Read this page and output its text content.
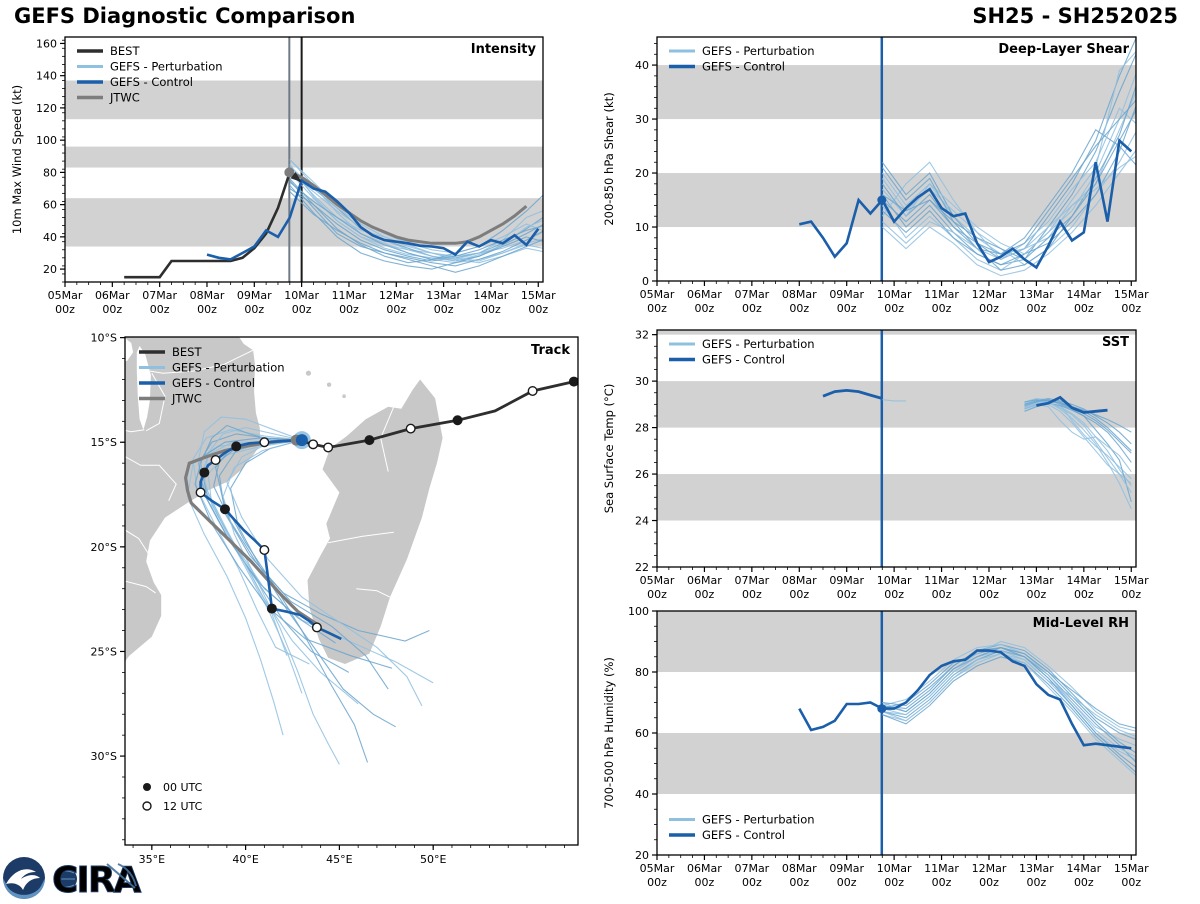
GEFS Diagnostic Comparison	SH25 - SH252025
05Mar
00z
06Mar
00z
07Mar
00z
08Mar
00z
09Mar
00z
10Mar
00z
11Mar
00z
12Mar
00z
13Mar
00z
14Mar
00z
15Mar
00z
20
40
60
80
100
120
140
160	Intensity
10m Max Wind Speed (kt)
BEST
GEFS - Perturbation
GEFS - Control
JTWC
05Mar
00z
06Mar
00z
07Mar
00z
08Mar
00z
09Mar
00z
10Mar
00z
11Mar
00z
12Mar
00z
13Mar
00z
14Mar
00z
15Mar
00z
0
10
20
30
40
Deep-Layer Shear
200-850 hPa Shear (kt)
GEFS - Perturbation
GEFS - Control
05Mar
00z
06Mar
00z
07Mar
00z
08Mar
00z
09Mar
00z
10Mar
00z
11Mar
00z
12Mar
00z
13Mar
00z
14Mar
00z
15Mar
00z
22
24
26
28
30
32	SST
Sea Surface Temp (°C)
GEFS - Perturbation
GEFS - Control
05Mar
00z
06Mar
00z
07Mar
00z
08Mar
00z
09Mar
00z
10Mar
00z
11Mar
00z
12Mar
00z
13Mar
00z
14Mar
00z
15Mar
00z
20
40
60
80
100
Mid-Level RH
700-500 hPa Humidity (%)
GEFS - Perturbation
GEFS - Control
35°E	40°E	45°E	50°E
10°S
15°S
20°S
25°S
30°S
Track
BEST
GEFS - Perturbation
GEFS - Control
JTWC
00 UTC
12 UTC
CIRA
